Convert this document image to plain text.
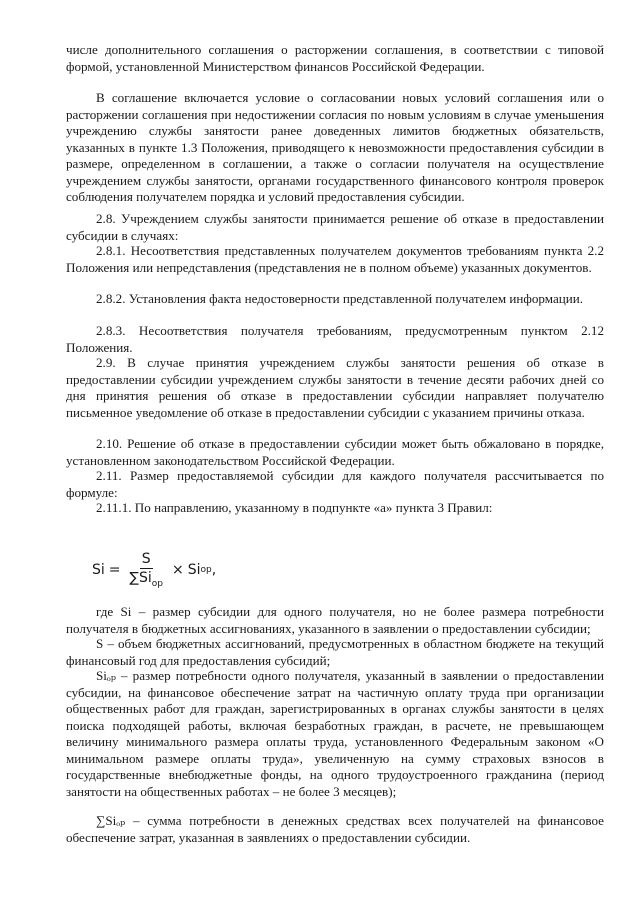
числе дополнительного соглашения о расторжении соглашения, в соответствии с типовой формой, установленной Министерством финансов Российской Федерации.

В соглашение включается условие о согласовании новых условий соглашения или о расторжении соглашения при недостижении согласия по новым условиям в случае уменьшения учреждению службы занятости ранее доведенных лимитов бюджетных обязательств, указанных в пункте 1.3 Положения, приводящего к невозможности предоставления субсидии в размере, определенном в соглашении, а также о согласии получателя на осуществление учреждением службы занятости, органами государственного финансового контроля проверок соблюдения получателем порядка и условий предоставления субсидии.

2.8. Учреждением службы занятости принимается решение об отказе в предоставлении субсидии в случаях:

2.8.1. Несоответствия представленных получателем документов требованиям пункта 2.2 Положения или непредставления (представления не в полном объеме) указанных документов.

2.8.2. Установления факта недостоверности представленной получателем информации.

2.8.3. Несоответствия получателя требованиям, предусмотренным пунктом 2.12 Положения.

2.9. В случае принятия учреждением службы занятости решения об отказе в предоставлении субсидии учреждением службы занятости в течение десяти рабочих дней со дня принятия решения об отказе в предоставлении субсидии направляет получателю письменное уведомление об отказе в предоставлении субсидии с указанием причины отказа.

2.10. Решение об отказе в предоставлении субсидии может быть обжаловано в порядке, установленном законодательством Российской Федерации.

2.11. Размер предоставляемой субсидии для каждого получателя рассчитывается по формуле:

2.11.1. По направлению, указанному в подпункте «а» пункта 3 Правил:

$Si = \frac{S}{\sum Si_{op}} \times Si$ op ,

где Si – размер субсидии для одного получателя, но не более размера потребности получателя в бюджетных ассигнованиях, указанного в заявлении о предоставлении субсидии;

S – объем бюджетных ассигнований, предусмотренных в областном бюджете на текущий финансовый год для предоставления субсидий;

Siₒₚ – размер потребности одного получателя, указанный в заявлении о предоставлении субсидии, на финансовое обеспечение затрат на частичную оплату труда при организации общественных работ для граждан, зарегистрированных в органах службы занятости в целях поиска подходящей работы, включая безработных граждан, в расчете, не превышающем величину минимального размера оплаты труда, установленного Федеральным законом «О минимальном размере оплаты труда», увеличенную на сумму страховых взносов в государственные внебюджетные фонды, на одного трудоустроенного гражданина (период занятости на общественных работах – не более 3 месяцев);

∑Siₒₚ – сумма потребности в денежных средствах всех получателей на финансовое обеспечение затрат, указанная в заявлениях о предоставлении субсидии.
